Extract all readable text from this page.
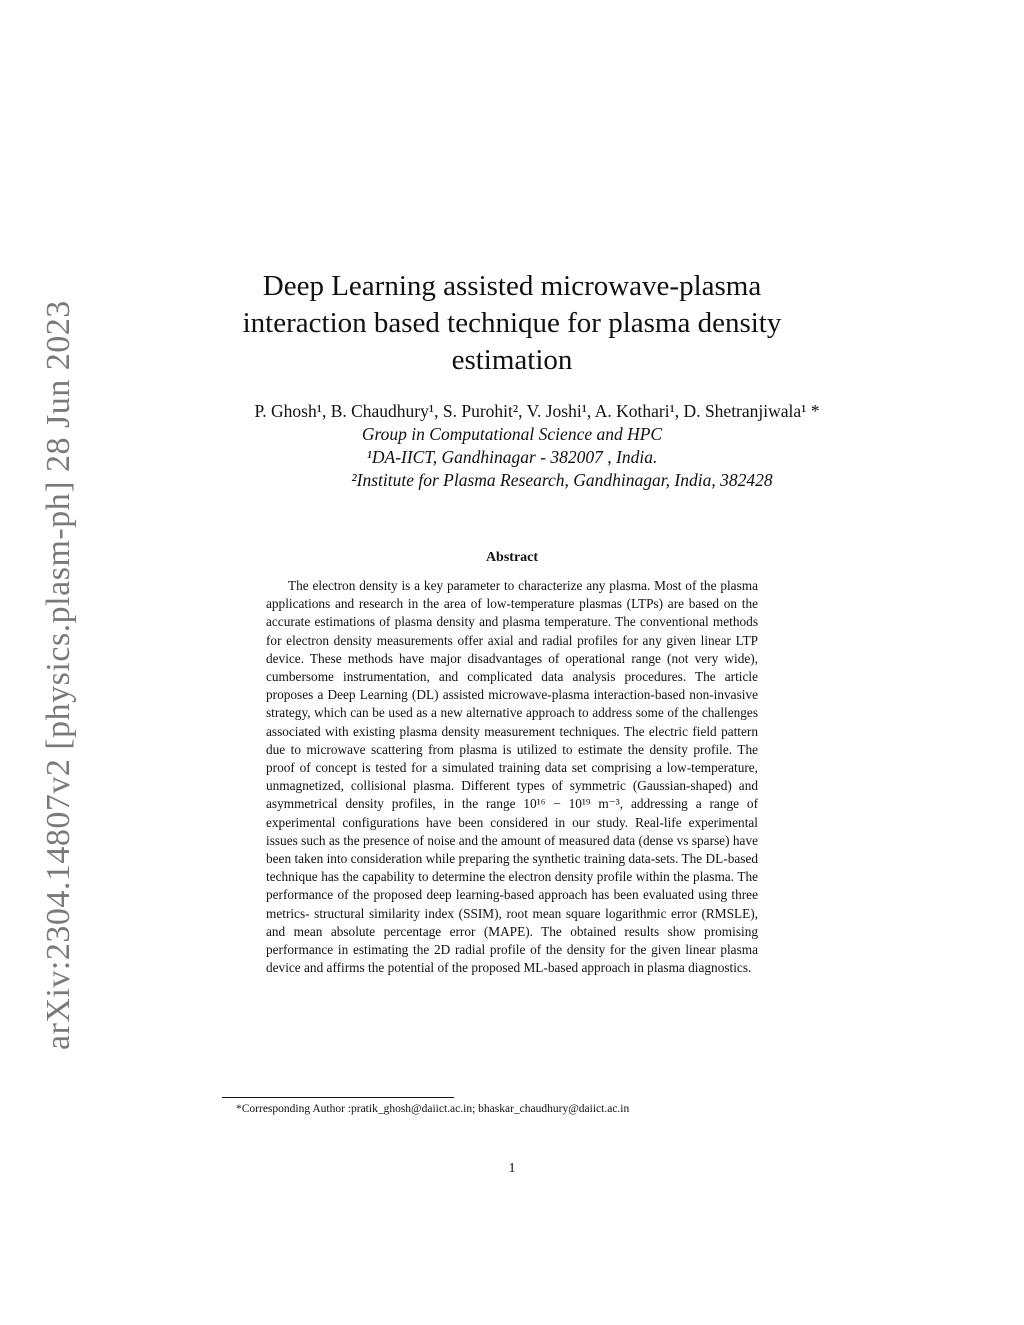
arXiv:2304.14807v2 [physics.plasm-ph] 28 Jun 2023
Deep Learning assisted microwave-plasma interaction based technique for plasma density estimation
P. Ghosh¹, B. Chaudhury¹, S. Purohit², V. Joshi¹, A. Kothari¹, D. Shetranjiwala¹ *
Group in Computational Science and HPC
¹DA-IICT, Gandhinagar - 382007 , India.
²Institute for Plasma Research, Gandhinagar, India, 382428
Abstract
The electron density is a key parameter to characterize any plasma. Most of the plasma applications and research in the area of low-temperature plasmas (LTPs) are based on the accurate estimations of plasma density and plasma temperature. The conventional methods for electron density measurements offer axial and radial profiles for any given linear LTP device. These methods have major disadvantages of operational range (not very wide), cumbersome instrumentation, and complicated data analysis procedures. The article proposes a Deep Learning (DL) assisted microwave-plasma interaction-based non-invasive strategy, which can be used as a new alternative approach to address some of the challenges associated with existing plasma density measurement techniques. The electric field pattern due to microwave scattering from plasma is utilized to estimate the density profile. The proof of concept is tested for a simulated training data set comprising a low-temperature, unmagnetized, collisional plasma. Different types of symmetric (Gaussian-shaped) and asymmetrical density profiles, in the range 10¹⁶ − 10¹⁹ m⁻³, addressing a range of experimental configurations have been considered in our study. Real-life experimental issues such as the presence of noise and the amount of measured data (dense vs sparse) have been taken into consideration while preparing the synthetic training data-sets. The DL-based technique has the capability to determine the electron density profile within the plasma. The performance of the proposed deep learning-based approach has been evaluated using three metrics- structural similarity index (SSIM), root mean square logarithmic error (RMSLE), and mean absolute percentage error (MAPE). The obtained results show promising performance in estimating the 2D radial profile of the density for the given linear plasma device and affirms the potential of the proposed ML-based approach in plasma diagnostics.
*Corresponding Author :pratik_ghosh@daiict.ac.in; bhaskar_chaudhury@daiict.ac.in
1
